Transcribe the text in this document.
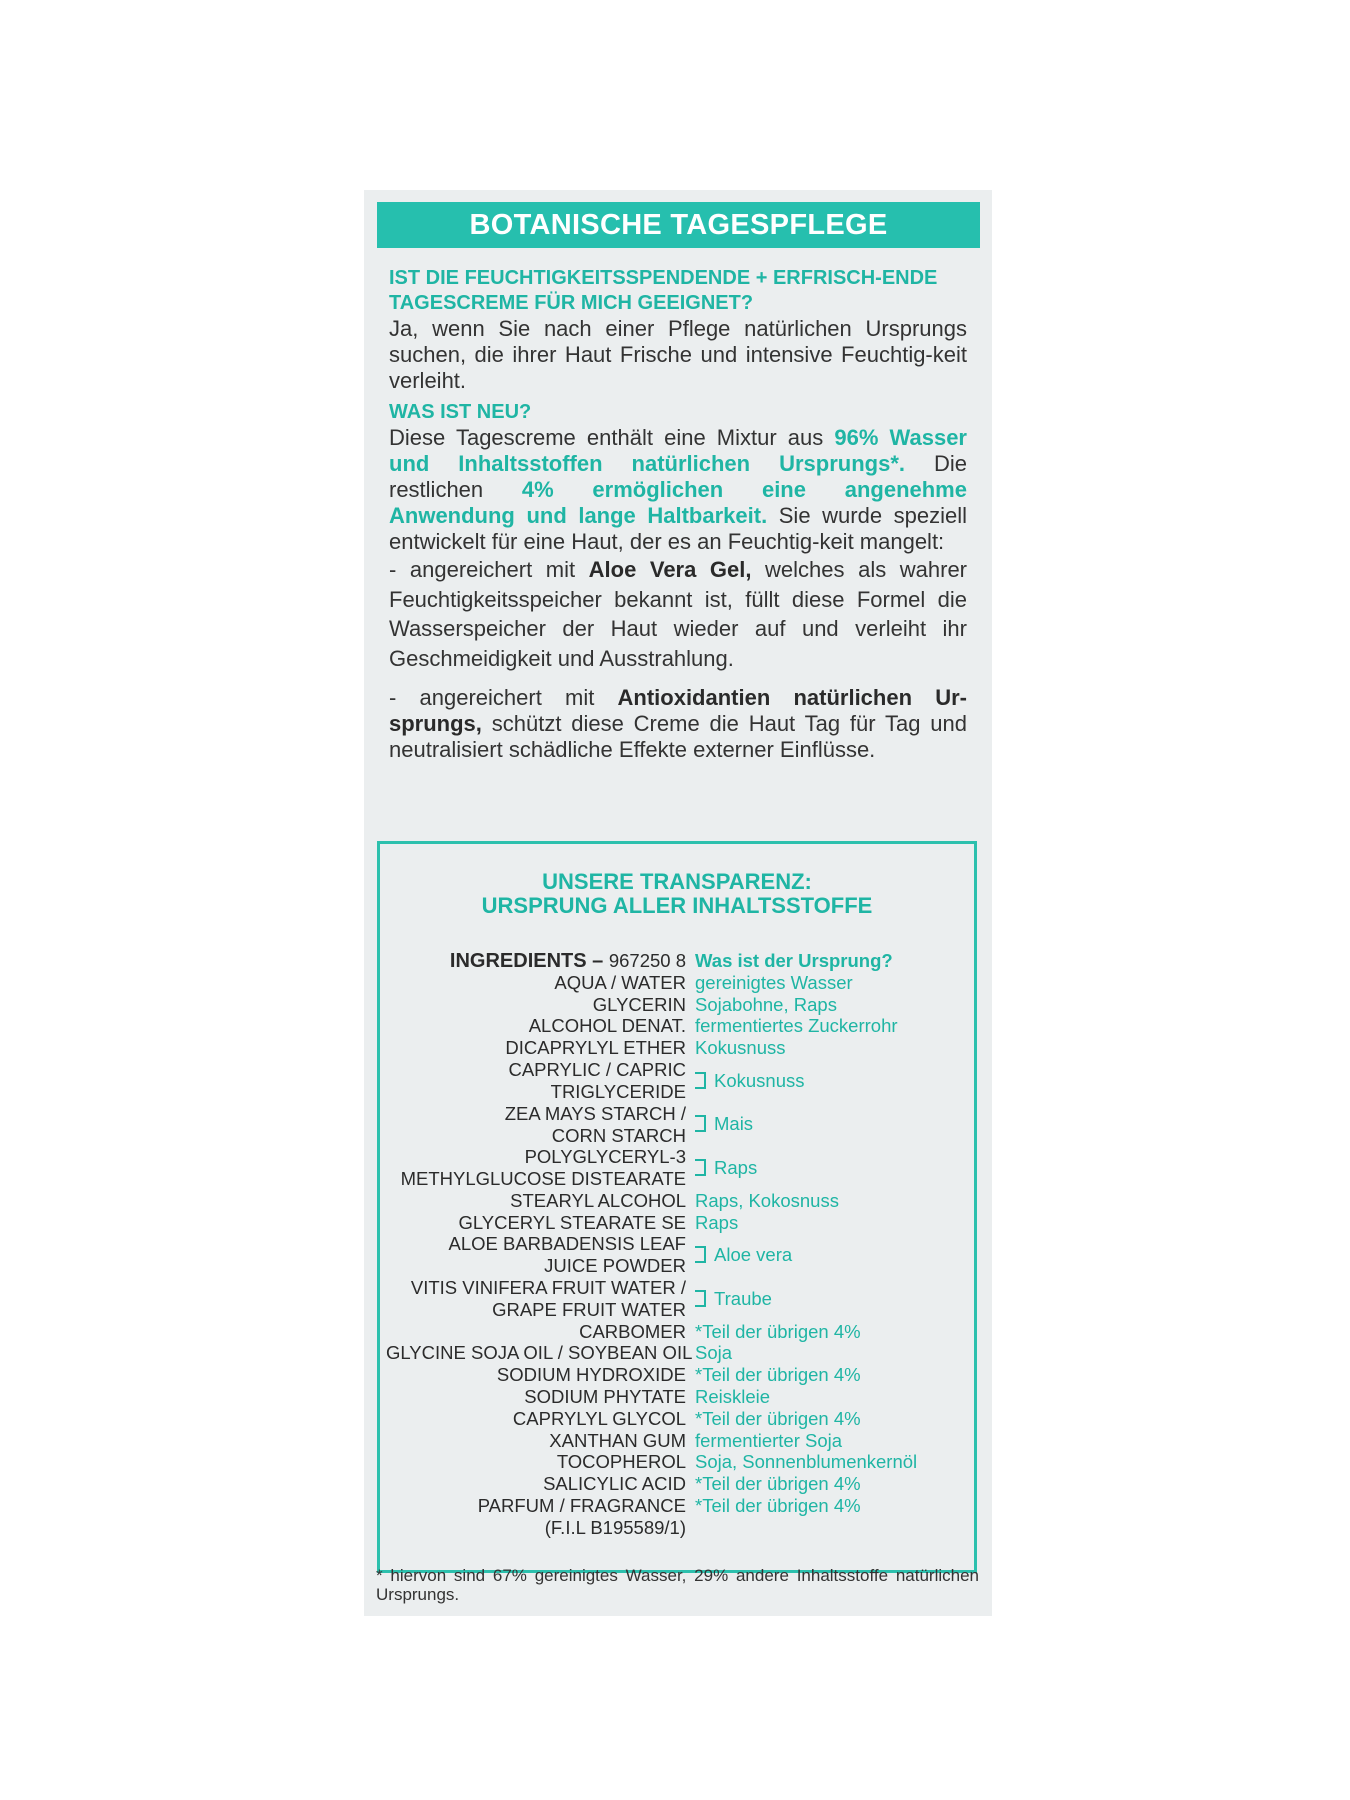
BOTANISCHE TAGESPFLEGE

IST DIE FEUCHTIGKEITSSPENDENDE + ERFRISCH-ENDE TAGESCREME FÜR MICH GEEIGNET?

Ja, wenn Sie nach einer Pflege natürlichen Ursprungs suchen, die ihrer Haut Frische und intensive Feuchtig-keit verleiht.

WAS IST NEU?

Diese Tagescreme enthält eine Mixtur aus 96% Wasser und Inhaltsstoffen natürlichen Ursprungs*. Die restlichen 4% ermöglichen eine angenehme Anwendung und lange Haltbarkeit. Sie wurde speziell entwickelt für eine Haut, der es an Feuchtig-keit mangelt:

- angereichert mit Aloe Vera Gel, welches als wahrer Feuchtigkeitsspeicher bekannt ist, füllt diese Formel die Wasserspeicher der Haut wieder auf und verleiht ihr Geschmeidigkeit und Ausstrahlung.

- angereichert mit Antioxidantien natürlichen Ur-sprungs, schützt diese Creme die Haut Tag für Tag und neutralisiert schädliche Effekte externer Einflüsse.

UNSERE TRANSPARENZ:
URSPRUNG ALLER INHALTSSTOFFE
INGREDIENTS – 967250 8 Was ist der Ursprung?
AQUA / WATER gereinigtes Wasser
GLYCERIN Sojabohne, Raps
ALCOHOL DENAT. fermentiertes Zuckerrohr
DICAPRYLYL ETHER Kokusnuss
CAPRYLIC / CAPRIC
TRIGLYCERIDE
Kokusnuss
ZEA MAYS STARCH /
CORN STARCH
Mais
POLYGLYCERYL-3
METHYLGLUCOSE DISTEARATE
Raps
STEARYL ALCOHOL Raps, Kokosnuss
GLYCERYL STEARATE SE Raps
ALOE BARBADENSIS LEAF
JUICE POWDER
Aloe vera
VITIS VINIFERA FRUIT WATER /
GRAPE FRUIT WATER
Traube
CARBOMER *Teil der übrigen 4%
GLYCINE SOJA OIL / SOYBEAN OIL Soja
SODIUM HYDROXIDE *Teil der übrigen 4%
SODIUM PHYTATE Reiskleie
CAPRYLYL GLYCOL *Teil der übrigen 4%
XANTHAN GUM fermentierter Soja
TOCOPHEROL Soja, Sonnenblumenkernöl
SALICYLIC ACID *Teil der übrigen 4%
PARFUM / FRAGRANCE *Teil der übrigen 4%
(F.I.L B195589/1)
* hiervon sind 67% gereinigtes Wasser, 29% andere Inhaltsstoffe natürlichen Ursprungs.
